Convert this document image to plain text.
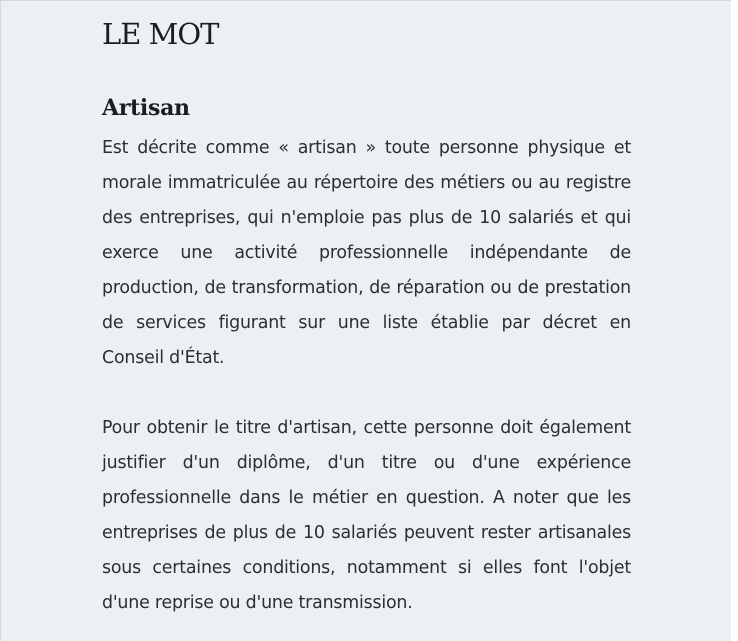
LE MOT
Artisan

Est décrite comme « artisan » toute personne physique et morale immatriculée au répertoire des métiers ou au registre des entreprises, qui n'emploie pas plus de 10 salariés et qui exerce une activité professionnelle indépendante de production, de transformation, de réparation ou de prestation de services figurant sur une liste établie par décret en Conseil d'État.

Pour obtenir le titre d'artisan, cette personne doit également justifier d'un diplôme, d'un titre ou d'une expérience professionnelle dans le métier en question. A noter que les entreprises de plus de 10 salariés peuvent rester artisanales sous certaines conditions, notamment si elles font l'objet d'une reprise ou d'une transmission.
